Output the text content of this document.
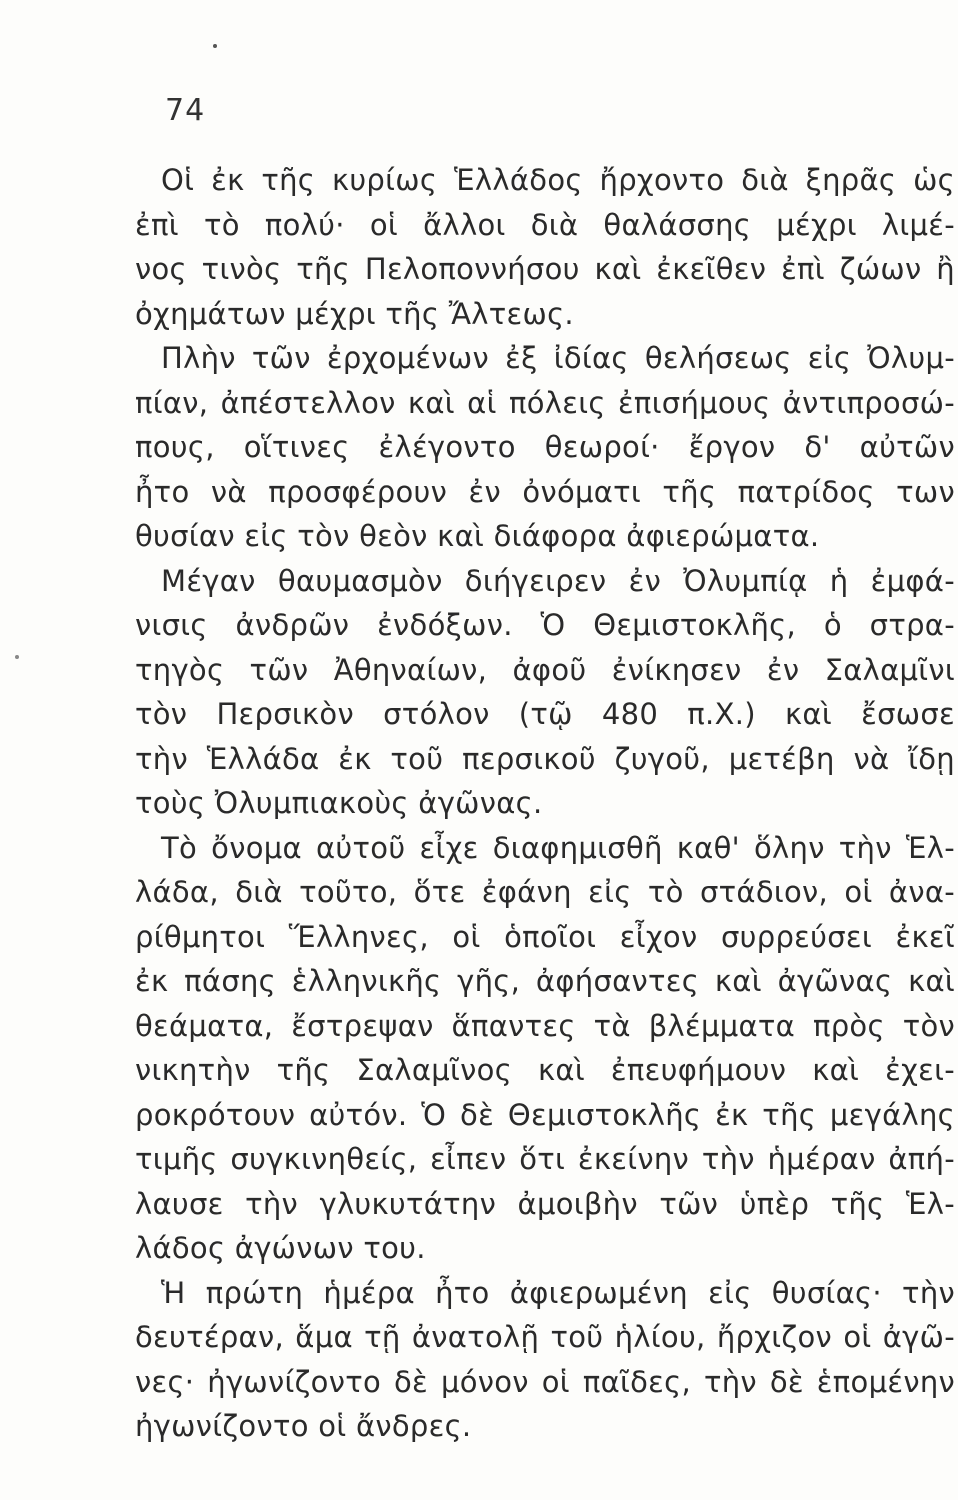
74
Οἱ ἐκ τῆς κυρίως Ἑλλάδος ἤρχοντο διὰ ξηρᾶς ὡς
ἐπὶ τὸ πολύ· οἱ ἄλλοι διὰ θαλάσσης μέχρι λιμέ-
νος τινὸς τῆς Πελοποννήσου καὶ ἐκεῖθεν ἐπὶ ζώων ἢ
ὀχημάτων μέχρι τῆς Ἄλτεως.
Πλὴν τῶν ἐρχομένων ἐξ ἰδίας θελήσεως εἰς Ὀλυμ-
πίαν, ἀπέστελλον καὶ αἱ πόλεις ἐπισήμους ἀντιπροσώ-
πους, οἵτινες ἐλέγοντο θεωροί· ἔργον δ' αὐτῶν
ἦτο νὰ προσφέρουν ἐν ὀνόματι τῆς πατρίδος των
θυσίαν εἰς τὸν θεὸν καὶ διάφορα ἀφιερώματα.
Μέγαν θαυμασμὸν διήγειρεν ἐν Ὀλυμπίᾳ ἡ ἐμφά-
νισις ἀνδρῶν ἐνδόξων. Ὁ Θεμιστοκλῆς, ὁ στρα-
τηγὸς τῶν Ἀθηναίων, ἀφοῦ ἐνίκησεν ἐν Σαλαμῖνι
τὸν Περσικὸν στόλον (τῷ 480 π.Χ.) καὶ ἔσωσε
τὴν Ἑλλάδα ἐκ τοῦ περσικοῦ ζυγοῦ, μετέβη νὰ ἴδῃ
τοὺς Ὀλυμπιακοὺς ἀγῶνας.
Τὸ ὄνομα αὐτοῦ εἶχε διαφημισθῆ καθ' ὅλην τὴν Ἑλ-
λάδα, διὰ τοῦτο, ὅτε ἐφάνη εἰς τὸ στάδιον, οἱ ἀνα-
ρίθμητοι Ἕλληνες, οἱ ὁποῖοι εἶχον συρρεύσει ἐκεῖ
ἐκ πάσης ἑλληνικῆς γῆς, ἀφήσαντες καὶ ἀγῶνας καὶ
θεάματα, ἔστρεψαν ἅπαντες τὰ βλέμματα πρὸς τὸν
νικητὴν τῆς Σαλαμῖνος καὶ ἐπευφήμουν καὶ ἐχει-
ροκρότουν αὐτόν. Ὁ δὲ Θεμιστοκλῆς ἐκ τῆς μεγάλης
τιμῆς συγκινηθείς, εἶπεν ὅτι ἐκείνην τὴν ἡμέραν ἀπή-
λαυσε τὴν γλυκυτάτην ἀμοιβὴν τῶν ὑπὲρ τῆς Ἑλ-
λάδος ἀγώνων του.
Ἡ πρώτη ἡμέρα ἦτο ἀφιερωμένη εἰς θυσίας· τὴν
δευτέραν, ἅμα τῇ ἀνατολῇ τοῦ ἡλίου, ἤρχιζον οἱ ἀγῶ-
νες· ἠγωνίζοντο δὲ μόνον οἱ παῖδες, τὴν δὲ ἑπομένην
ἠγωνίζοντο οἱ ἄνδρες.
